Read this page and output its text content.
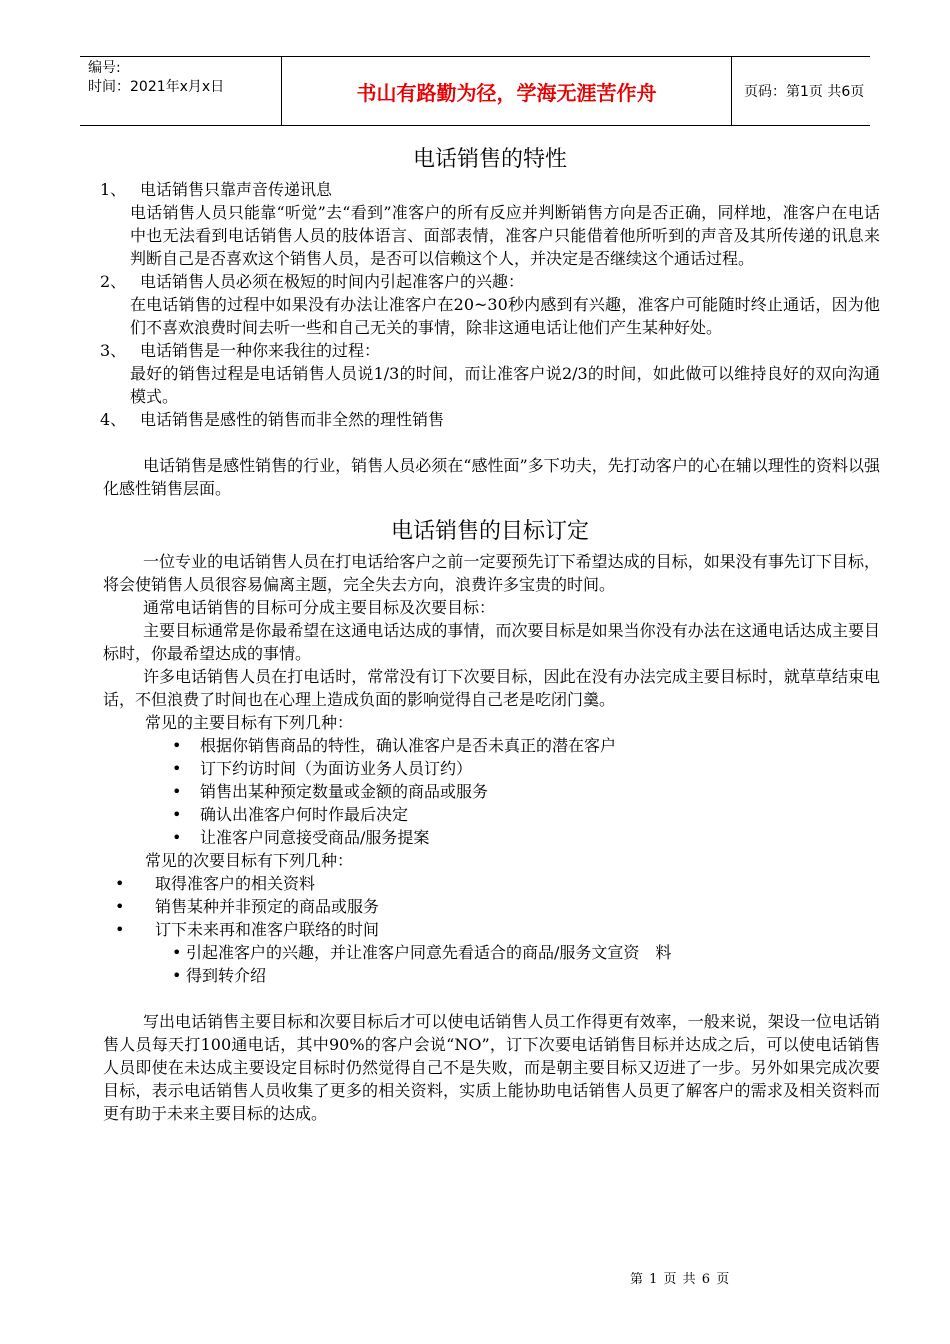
编号:
时间：2021年x月x日	书山有路勤为径，学海无涯苦作舟	页码：第1页 共6页
电话销售的特性
1、 电话销售只靠声音传递讯息
电话销售人员只能靠“听觉”去“看到”准客户的所有反应并判断销售方向是否正确，同样地，准客户在电话中也无法看到电话销售人员的肢体语言、面部表情，准客户只能借着他所听到的声音及其所传递的讯息来判断自己是否喜欢这个销售人员，是否可以信赖这个人，并决定是否继续这个通话过程。
2、 电话销售人员必须在极短的时间内引起准客户的兴趣：
在电话销售的过程中如果没有办法让准客户在20~30秒内感到有兴趣，准客户可能随时终止通话，因为他们不喜欢浪费时间去听一些和自己无关的事情，除非这通电话让他们产生某种好处。
3、 电话销售是一种你来我往的过程：
最好的销售过程是电话销售人员说1/3的时间，而让准客户说2/3的时间，如此做可以维持良好的双向沟通模式。
4、 电话销售是感性的销售而非全然的理性销售
电话销售是感性销售的行业，销售人员必须在“感性面”多下功夫，先打动客户的心在辅以理性的资料以强化感性销售层面。
电话销售的目标订定
一位专业的电话销售人员在打电话给客户之前一定要预先订下希望达成的目标，如果没有事先订下目标，将会使销售人员很容易偏离主题，完全失去方向，浪费许多宝贵的时间。
通常电话销售的目标可分成主要目标及次要目标：
主要目标通常是你最希望在这通电话达成的事情，而次要目标是如果当你没有办法在这通电话达成主要目标时，你最希望达成的事情。
许多电话销售人员在打电话时，常常没有订下次要目标，因此在没有办法完成主要目标时，就草草结束电话，不但浪费了时间也在心理上造成负面的影响觉得自己老是吃闭门羹。
常见的主要目标有下列几种：
• 根据你销售商品的特性，确认准客户是否未真正的潜在客户
• 订下约访时间（为面访业务人员订约）
• 销售出某种预定数量或金额的商品或服务
• 确认出准客户何时作最后决定
• 让准客户同意接受商品/服务提案
常见的次要目标有下列几种：
• 取得准客户的相关资料
• 销售某种并非预定的商品或服务
• 订下未来再和准客户联络的时间
• 引起准客户的兴趣，并让准客户同意先看适合的商品/服务文宣资　料
• 得到转介绍
写出电话销售主要目标和次要目标后才可以使电话销售人员工作得更有效率，一般来说，架设一位电话销售人员每天打100通电话，其中90%的客户会说“NO”，订下次要电话销售目标并达成之后，可以使电话销售人员即使在未达成主要设定目标时仍然觉得自己不是失败，而是朝主要目标又迈进了一步。另外如果完成次要目标，表示电话销售人员收集了更多的相关资料，实质上能协助电话销售人员更了解客户的需求及相关资料而更有助于未来主要目标的达成。
第 1 页 共 6 页
